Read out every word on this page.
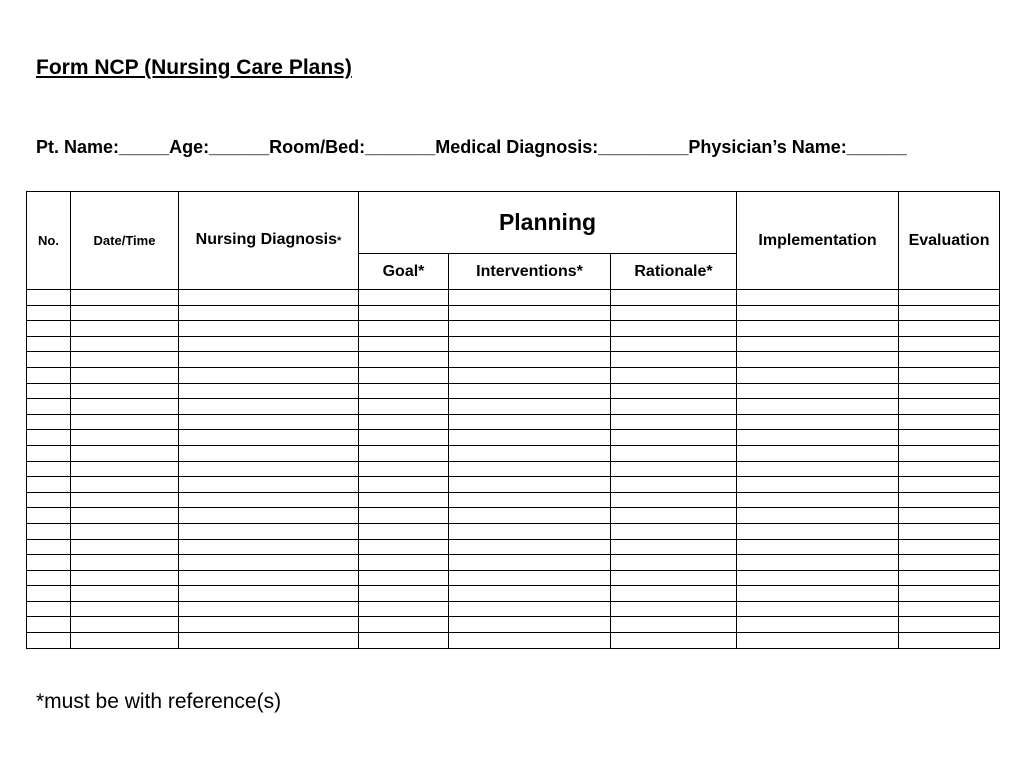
Form NCP (Nursing Care Plans)
Pt. Name:_____Age:______Room/Bed:_______Medical Diagnosis:_________Physician’s Name:______
No.	Date/Time	Nursing Diagnosis*	Planning			Implementation	Evaluation
			Goal*	Interventions*	Rationale*		

*must be with reference(s)
